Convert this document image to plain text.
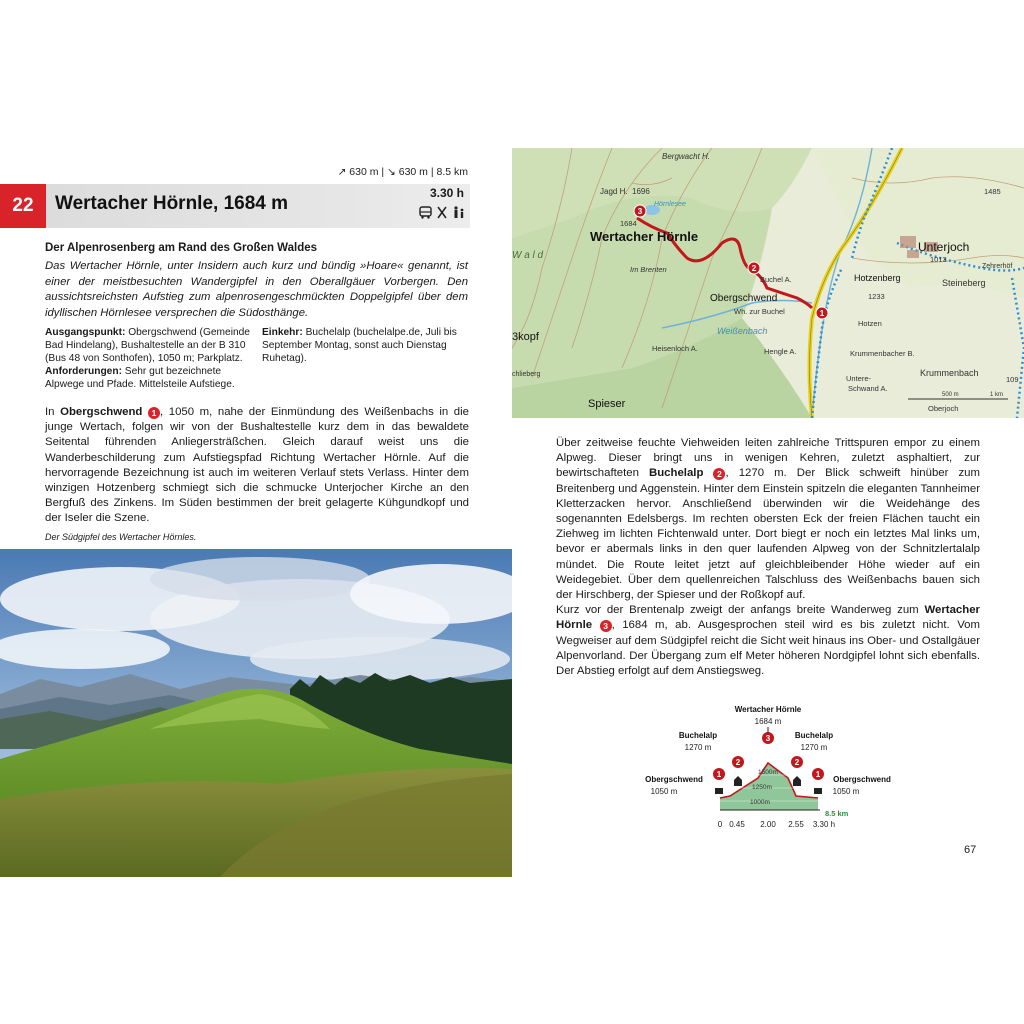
↗ 630 m | ↘ 630 m | 8.5 km
22	Wertacher Hörnle, 1684 m	3.30 h
Der Alpenrosenberg am Rand des Großen Waldes
Das Wertacher Hörnle, unter Insidern auch kurz und bündig »Hoare« genannt, ist einer der meistbesuchten Wandergipfel in den Oberallgäuer Vorbergen. Den aussichtsreichsten Aufstieg zum alpenrosengeschmückten Doppelgipfel über dem idyllischen Hörnlesee versprechen die Südosthänge.
Ausgangspunkt: Obergschwend (Gemeinde Bad Hindelang), Bushaltestelle an der B 310 (Bus 48 von Sonthofen), 1050 m; Parkplatz.
Anforderungen: Sehr gut bezeichnete Alpwege und Pfade. Mittelsteile Aufstiege.
Einkehr: Buchelalp (buchelalpe.de, Juli bis September Montag, sonst auch Dienstag Ruhetag).
In Obergschwend 1 , 1050 m, nahe der Einmündung des Weißenbachs in die junge Wertach, folgen wir von der Bushaltestelle kurz dem in das bewaldete Seitental führenden Anliegersträßchen. Gleich darauf weist uns die Wanderbeschilderung zum Aufstiegspfad Richtung Wertacher Hörnle. Auf die hervorragende Bezeichnung ist auch im weiteren Verlauf stets Verlass. Hinter dem winzigen Hotzenberg schmiegt sich die schmucke Unterjocher Kirche an den Bergfuß des Zinkens. Im Süden bestimmen der breit gelagerte Kühgundkopf und der Iseler die Szene.
Der Südgipfel des Wertacher Hörnles.
3
2
1
Bergwacht H.
Jagd H. 1696
Hörnlesee
1684
Wertacher Hörnle
Im Brenten
Buchel A.
Obergschwend
Wh. zur Buchel
Unterjoch
1013
Hotzenberg
1233
Hotzen
Steineberg
Zehrerhöf
Krummenbacher B.
Krummenbach
Weißenbach
Heisenloch A.	Hengle A.
Untere-
Schwand A.
Spieser	Oberjoch
3kopf
chlieberg
W a l d
1485
109
500 m	1 km
Über zeitweise feuchte Viehweiden leiten zahlreiche Trittspuren empor zu einem Alpweg. Dieser bringt uns in wenigen Kehren, zuletzt asphaltiert, zur bewirtschafteten Buchelalp 2 , 1270 m. Der Blick schweift hinüber zum Breitenberg und Aggenstein. Hinter dem Einstein spitzeln die eleganten Tannheimer Kletterzacken hervor. Anschließend überwinden wir die Weidehänge des sogenannten Edelsbergs. Im rechten obersten Eck der freien Flächen taucht ein Ziehweg im lichten Fichtenwald unter. Dort biegt er noch ein letztes Mal links um, bevor er abermals links in den quer laufenden Alpweg von der Schnitzlertalalp mündet. Die Route leitet jetzt auf gleichbleibender Höhe wieder auf ein Weidegebiet. Über dem quellenreichen Talschluss des Weißenbachs bauen sich der Hirschberg, der Spieser und der Roßkopf auf.
Kurz vor der Brentenalp zweigt der anfangs breite Wanderweg zum Wertacher Hörnle 3 , 1684 m, ab. Ausgesprochen steil wird es bis zuletzt nicht. Vom Wegweiser auf dem Südgipfel reicht die Sicht weit hinaus ins Ober- und Ostallgäuer Alpenvorland. Der Übergang zum elf Meter höheren Nordgipfel lohnt sich ebenfalls. Der Abstieg erfolgt auf dem Anstiegsweg.
1500m
1250m
1000m
Wertacher Hörnle
Buchelalp	Buchelalp
Obergschwend	Obergschwend
1684 m
1270 m	1270 m
1050 m	1050 m
8.5 km
0 0.45 2.00 2.55 3.30 h
1
2
3
2
1
67
